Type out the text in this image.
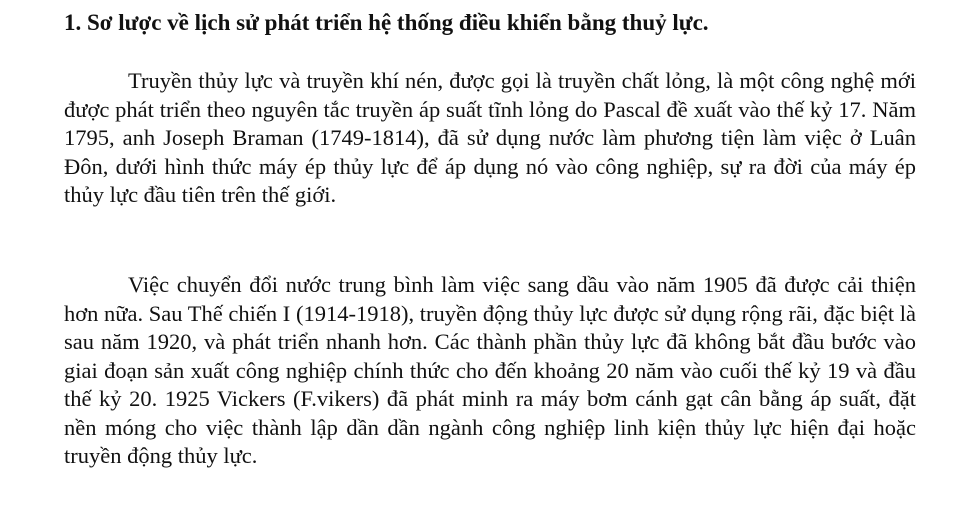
1. Sơ lược về lịch sử phát triển hệ thống điều khiển bằng thuỷ lực.

Truyền thủy lực và truyền khí nén, được gọi là truyền chất lỏng, là một công nghệ mới được phát triển theo nguyên tắc truyền áp suất tĩnh lỏng do Pascal đề xuất vào thế kỷ 17. Năm 1795, anh Joseph Braman (1749-1814), đã sử dụng nước làm phương tiện làm việc ở Luân Đôn, dưới hình thức máy ép thủy lực để áp dụng nó vào công nghiệp, sự ra đời của máy ép thủy lực đầu tiên trên thế giới.

Việc chuyển đổi nước trung bình làm việc sang dầu vào năm 1905 đã được cải thiện hơn nữa. Sau Thế chiến I (1914-1918), truyền động thủy lực được sử dụng rộng rãi, đặc biệt là sau năm 1920, và phát triển nhanh hơn. Các thành phần thủy lực đã không bắt đầu bước vào giai đoạn sản xuất công nghiệp chính thức cho đến khoảng 20 năm vào cuối thế kỷ 19 và đầu thế kỷ 20. 1925 Vickers (F.vikers) đã phát minh ra máy bơm cánh gạt cân bằng áp suất, đặt nền móng cho việc thành lập dần dần ngành công nghiệp linh kiện thủy lực hiện đại hoặc truyền động thủy lực.
